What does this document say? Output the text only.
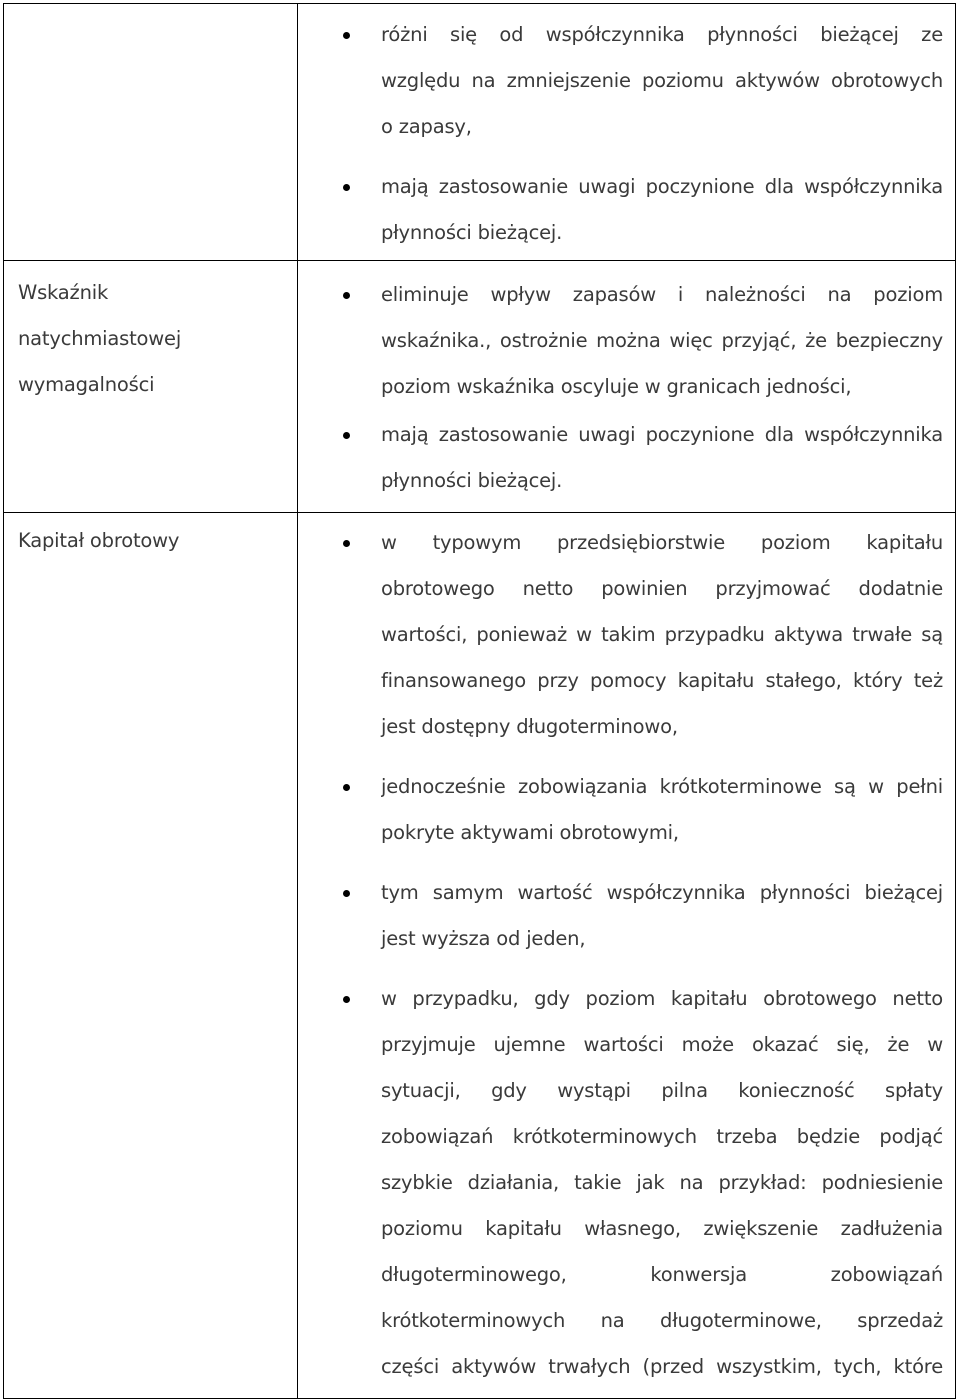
różni się od współczynnika płynności bieżącej ze
względu na zmniejszenie poziomu aktywów obrotowych
o zapasy,
mają zastosowanie uwagi poczynione dla współczynnika
płynności bieżącej.
Wskaźnik
natychmiastowej
wymagalności
eliminuje wpływ zapasów i należności na poziom
wskaźnika., ostrożnie można więc przyjąć, że bezpieczny
poziom wskaźnika oscyluje w granicach jedności,
mają zastosowanie uwagi poczynione dla współczynnika
płynności bieżącej.
Kapitał obrotowy	w typowym przedsiębiorstwie poziom kapitału
obrotowego netto powinien przyjmować dodatnie
wartości, ponieważ w takim przypadku aktywa trwałe są
finansowanego przy pomocy kapitału stałego, który też
jest dostępny długoterminowo,
jednocześnie zobowiązania krótkoterminowe są w pełni
pokryte aktywami obrotowymi,
tym samym wartość współczynnika płynności bieżącej
jest wyższa od jeden,
w przypadku, gdy poziom kapitału obrotowego netto
przyjmuje ujemne wartości może okazać się, że w
sytuacji, gdy wystąpi pilna konieczność spłaty
zobowiązań krótkoterminowych trzeba będzie podjąć
szybkie działania, takie jak na przykład: podniesienie
poziomu kapitału własnego, zwiększenie zadłużenia
długoterminowego, konwersja zobowiązań
krótkoterminowych na długoterminowe, sprzedaż
części aktywów trwałych (przed wszystkim, tych, które
